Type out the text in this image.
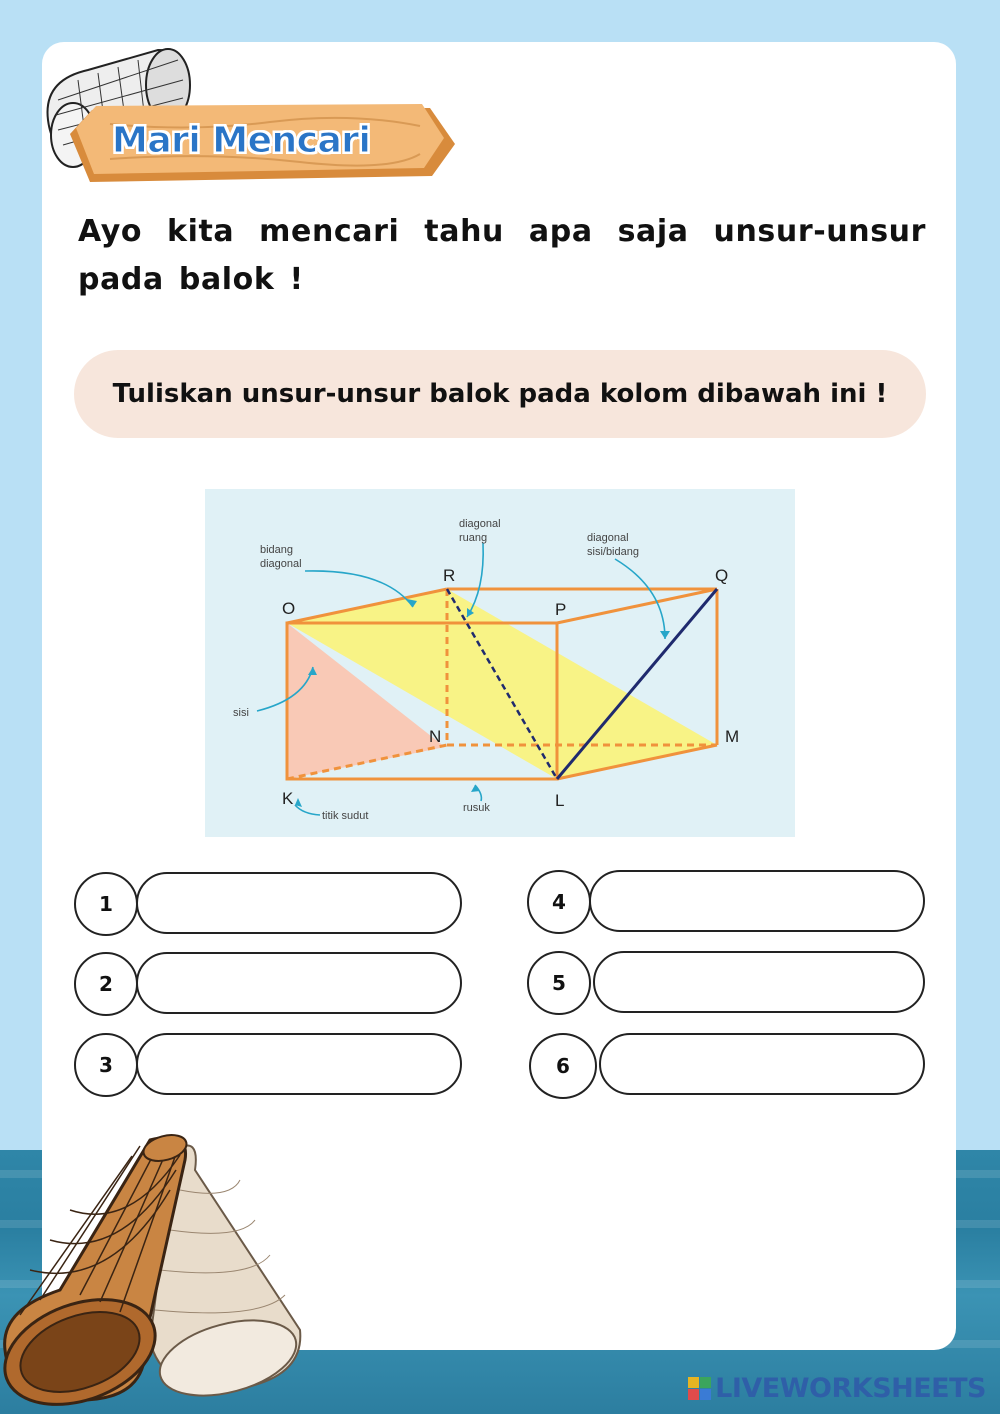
Mari Mencari
Ayo kita mencari tahu apa saja unsur-unsur pada balok !
Tuliskan unsur-unsur balok pada kolom dibawah ini !
bidang
diagonal
diagonal
ruang	diagonal
sisi/bidang
sisi
titik sudut
rusuk
K	L
M
N
O	P
Q
R
1
2
3
4
5
6
LIVEWORKSHEETS
